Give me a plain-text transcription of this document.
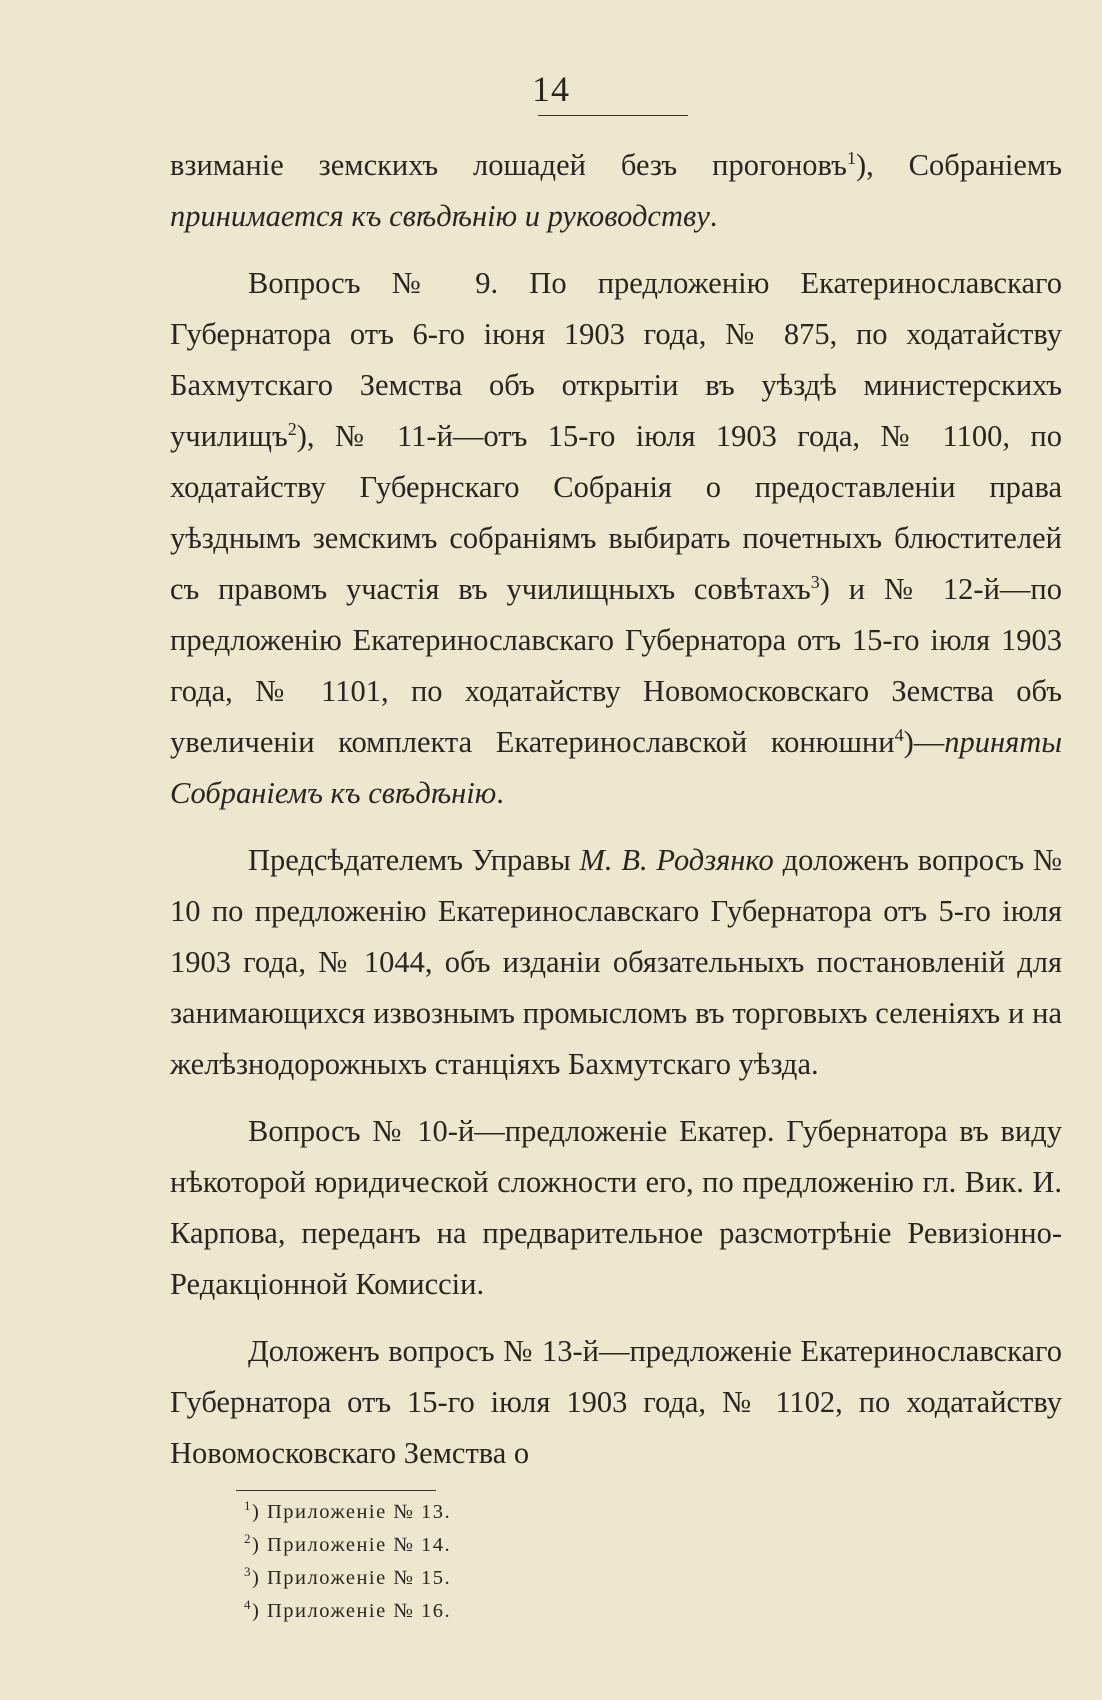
14

взиманіе земскихъ лошадей безъ прогоновъ$^1$), Собраніемъ принимается къ свѣдѣнію и руководству.

Вопросъ № 9. По предложенію Екатеринославскаго Губернатора отъ 6-го іюня 1903 года, № 875, по ходатайству Бахмутскаго Земства объ открытіи въ уѣздѣ министерскихъ училищъ$^2$), № 11-й—отъ 15-го іюля 1903 года, № 1100, по ходатайству Губернскаго Собранія о предоставленіи права уѣзднымъ земскимъ собраніямъ выбирать почетныхъ блюстителей съ правомъ участія въ училищныхъ совѣтахъ$^3$) и № 12-й—по предложенію Екатеринославскаго Губернатора отъ 15-го іюля 1903 года, № 1101, по ходатайству Новомосковскаго Земства объ увеличеніи комплекта Екатеринославской конюшни$^4$)—приняты Собраніемъ къ свѣдѣнію.

Предсѣдателемъ Управы М. В. Родзянко доложенъ вопросъ № 10 по предложенію Екатеринославскаго Губернатора отъ 5-го іюля 1903 года, № 1044, объ изданіи обязательныхъ постановленій для занимающихся извознымъ промысломъ въ торговыхъ селеніяхъ и на желѣзнодорожныхъ станціяхъ Бахмутскаго уѣзда.

Вопросъ № 10-й—предложеніе Екатер. Губернатора въ виду нѣкоторой юридической сложности его, по предложенію гл. Вик. И. Карпова, переданъ на предварительное разсмотрѣніе Ревизіонно-Редакціонной Комиссіи.

Доложенъ вопросъ № 13-й—предложеніе Екатеринославскаго Губернатора отъ 15-го іюля 1903 года, № 1102, по ходатайству Новомосковскаго Земства о

$^1$) Приложеніе № 13.
$^2$) Приложеніе № 14.
$^3$) Приложеніе № 15.
$^4$) Приложеніе № 16.
